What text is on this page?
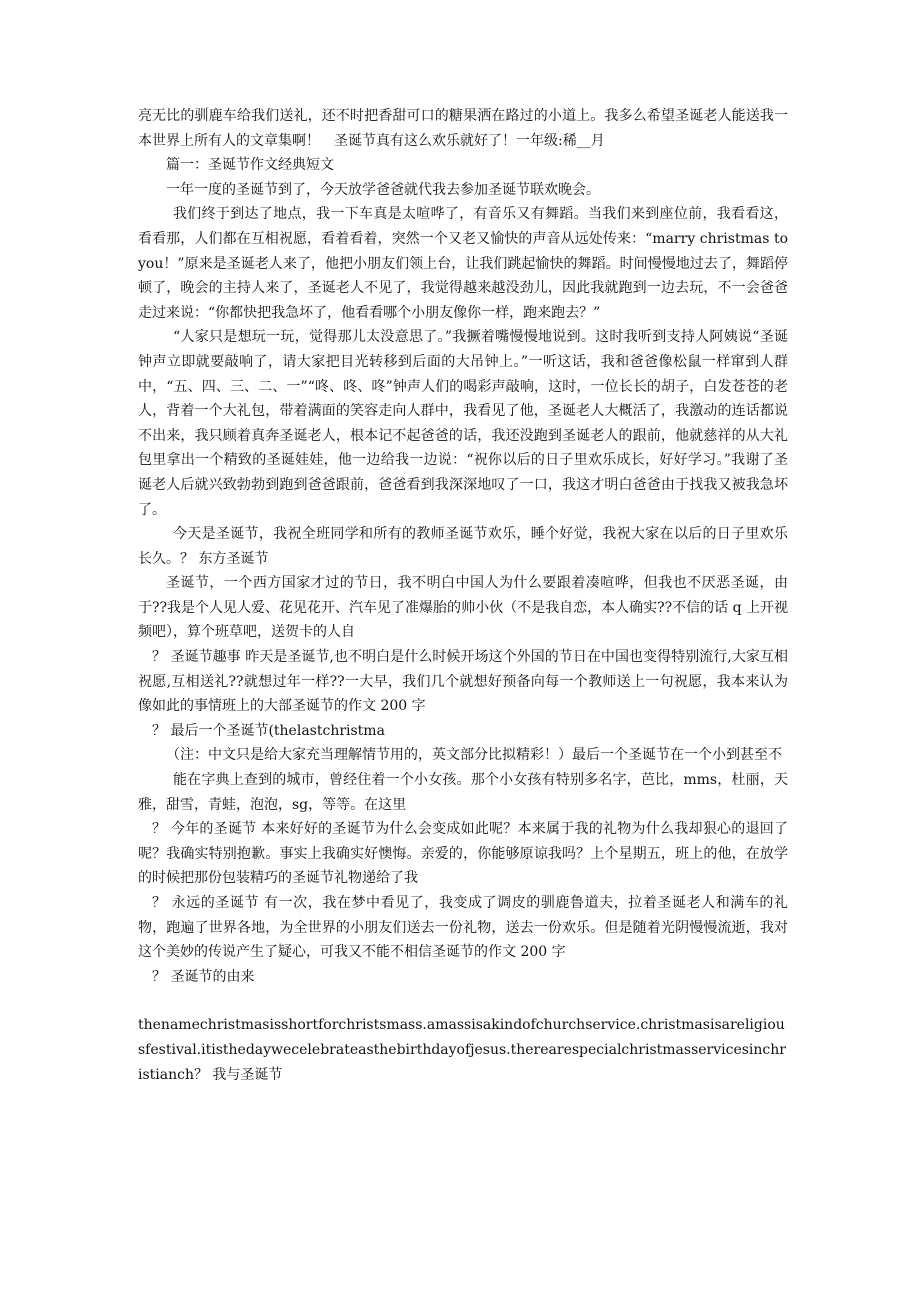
亮无比的驯鹿车给我们送礼，还不时把香甜可口的糖果洒在路过的小道上。我多么希望圣诞老人能送我一本世界上所有人的文章集啊！　圣诞节真有这么欢乐就好了！一年级:稀__月

篇一：圣诞节作文经典短文

一年一度的圣诞节到了，今天放学爸爸就代我去参加圣诞节联欢晚会。

我们终于到达了地点，我一下车真是太喧哗了，有音乐又有舞蹈。当我们来到座位前，我看看这，看看那，人们都在互相祝愿，看着看着，突然一个又老又愉快的声音从远处传来：“marry christmas to you！”原来是圣诞老人来了，他把小朋友们领上台，让我们跳起愉快的舞蹈。时间慢慢地过去了，舞蹈停顿了，晚会的主持人来了，圣诞老人不见了，我觉得越来越没劲儿，因此我就跑到一边去玩，不一会爸爸走过来说：“你都快把我急坏了，他看看哪个小朋友像你一样，跑来跑去？”

“人家只是想玩一玩，觉得那儿太没意思了。”我撅着嘴慢慢地说到。这时我听到支持人阿姨说“圣诞钟声立即就要敲响了，请大家把目光转移到后面的大吊钟上。”一听这话，我和爸爸像松鼠一样窜到人群中，“五、四、三、二、一”“咚、咚、咚”钟声人们的喝彩声敲响，这时，一位长长的胡子，白发苍苍的老人，背着一个大礼包，带着满面的笑容走向人群中，我看见了他，圣诞老人大概活了，我激动的连话都说不出来，我只顾着真奔圣诞老人，根本记不起爸爸的话，我还没跑到圣诞老人的跟前，他就慈祥的从大礼包里拿出一个精致的圣诞娃娃，他一边给我一边说：“祝你以后的日子里欢乐成长，好好学习。”我谢了圣诞老人后就兴致勃勃到跑到爸爸跟前，爸爸看到我深深地叹了一口，我这才明白爸爸由于找我又被我急坏了。

今天是圣诞节，我祝全班同学和所有的教师圣诞节欢乐，睡个好觉，我祝大家在以后的日子里欢乐长久。？ 东方圣诞节

圣诞节，一个西方国家才过的节日，我不明白中国人为什么要跟着凑喧哗，但我也不厌恶圣诞，由于??我是个人见人爱、花见花开、汽车见了准爆胎的帅小伙（不是我自恋，本人确实??不信的话 q 上开视频吧），算个班草吧，送贺卡的人自

？ 圣诞节趣事 昨天是圣诞节,也不明白是什么时候开场这个外国的节日在中国也变得特别流行,大家互相祝愿,互相送礼??就想过年一样??一大早，我们几个就想好预备向每一个教师送上一句祝愿，我本来认为像如此的事情班上的大部圣诞节的作文 200 字

？ 最后一个圣诞节(thelastchristma

（注：中文只是给大家充当理解情节用的，英文部分比拟精彩！）最后一个圣诞节在一个小到甚至不

能在字典上查到的城市，曾经住着一个小女孩。那个小女孩有特别多名字，芭比，mms，杜丽，天雅，甜雪，青蛙，泡泡，sg，等等。在这里

？ 今年的圣诞节 本来好好的圣诞节为什么会变成如此呢？本来属于我的礼物为什么我却狠心的退回了呢？我确实特别抱歉。事实上我确实好懊悔。亲爱的，你能够原谅我吗？上个星期五，班上的他，在放学的时候把那份包装精巧的圣诞节礼物递给了我

？ 永远的圣诞节 有一次，我在梦中看见了，我变成了调皮的驯鹿鲁道夫，拉着圣诞老人和满车的礼物，跑遍了世界各地，为全世界的小朋友们送去一份礼物，送去一份欢乐。但是随着光阴慢慢流逝，我对这个美妙的传说产生了疑心，可我又不能不相信圣诞节的作文 200 字

？ 圣诞节的由来

thenamechristmasisshortforchristsmass.amassisakindofchurchservice.christmasisareligiousfestival.itisthedaywecelebrateasthebirthdayofjesus.therearespecialchristmasservicesinchristianch？ 我与圣诞节
